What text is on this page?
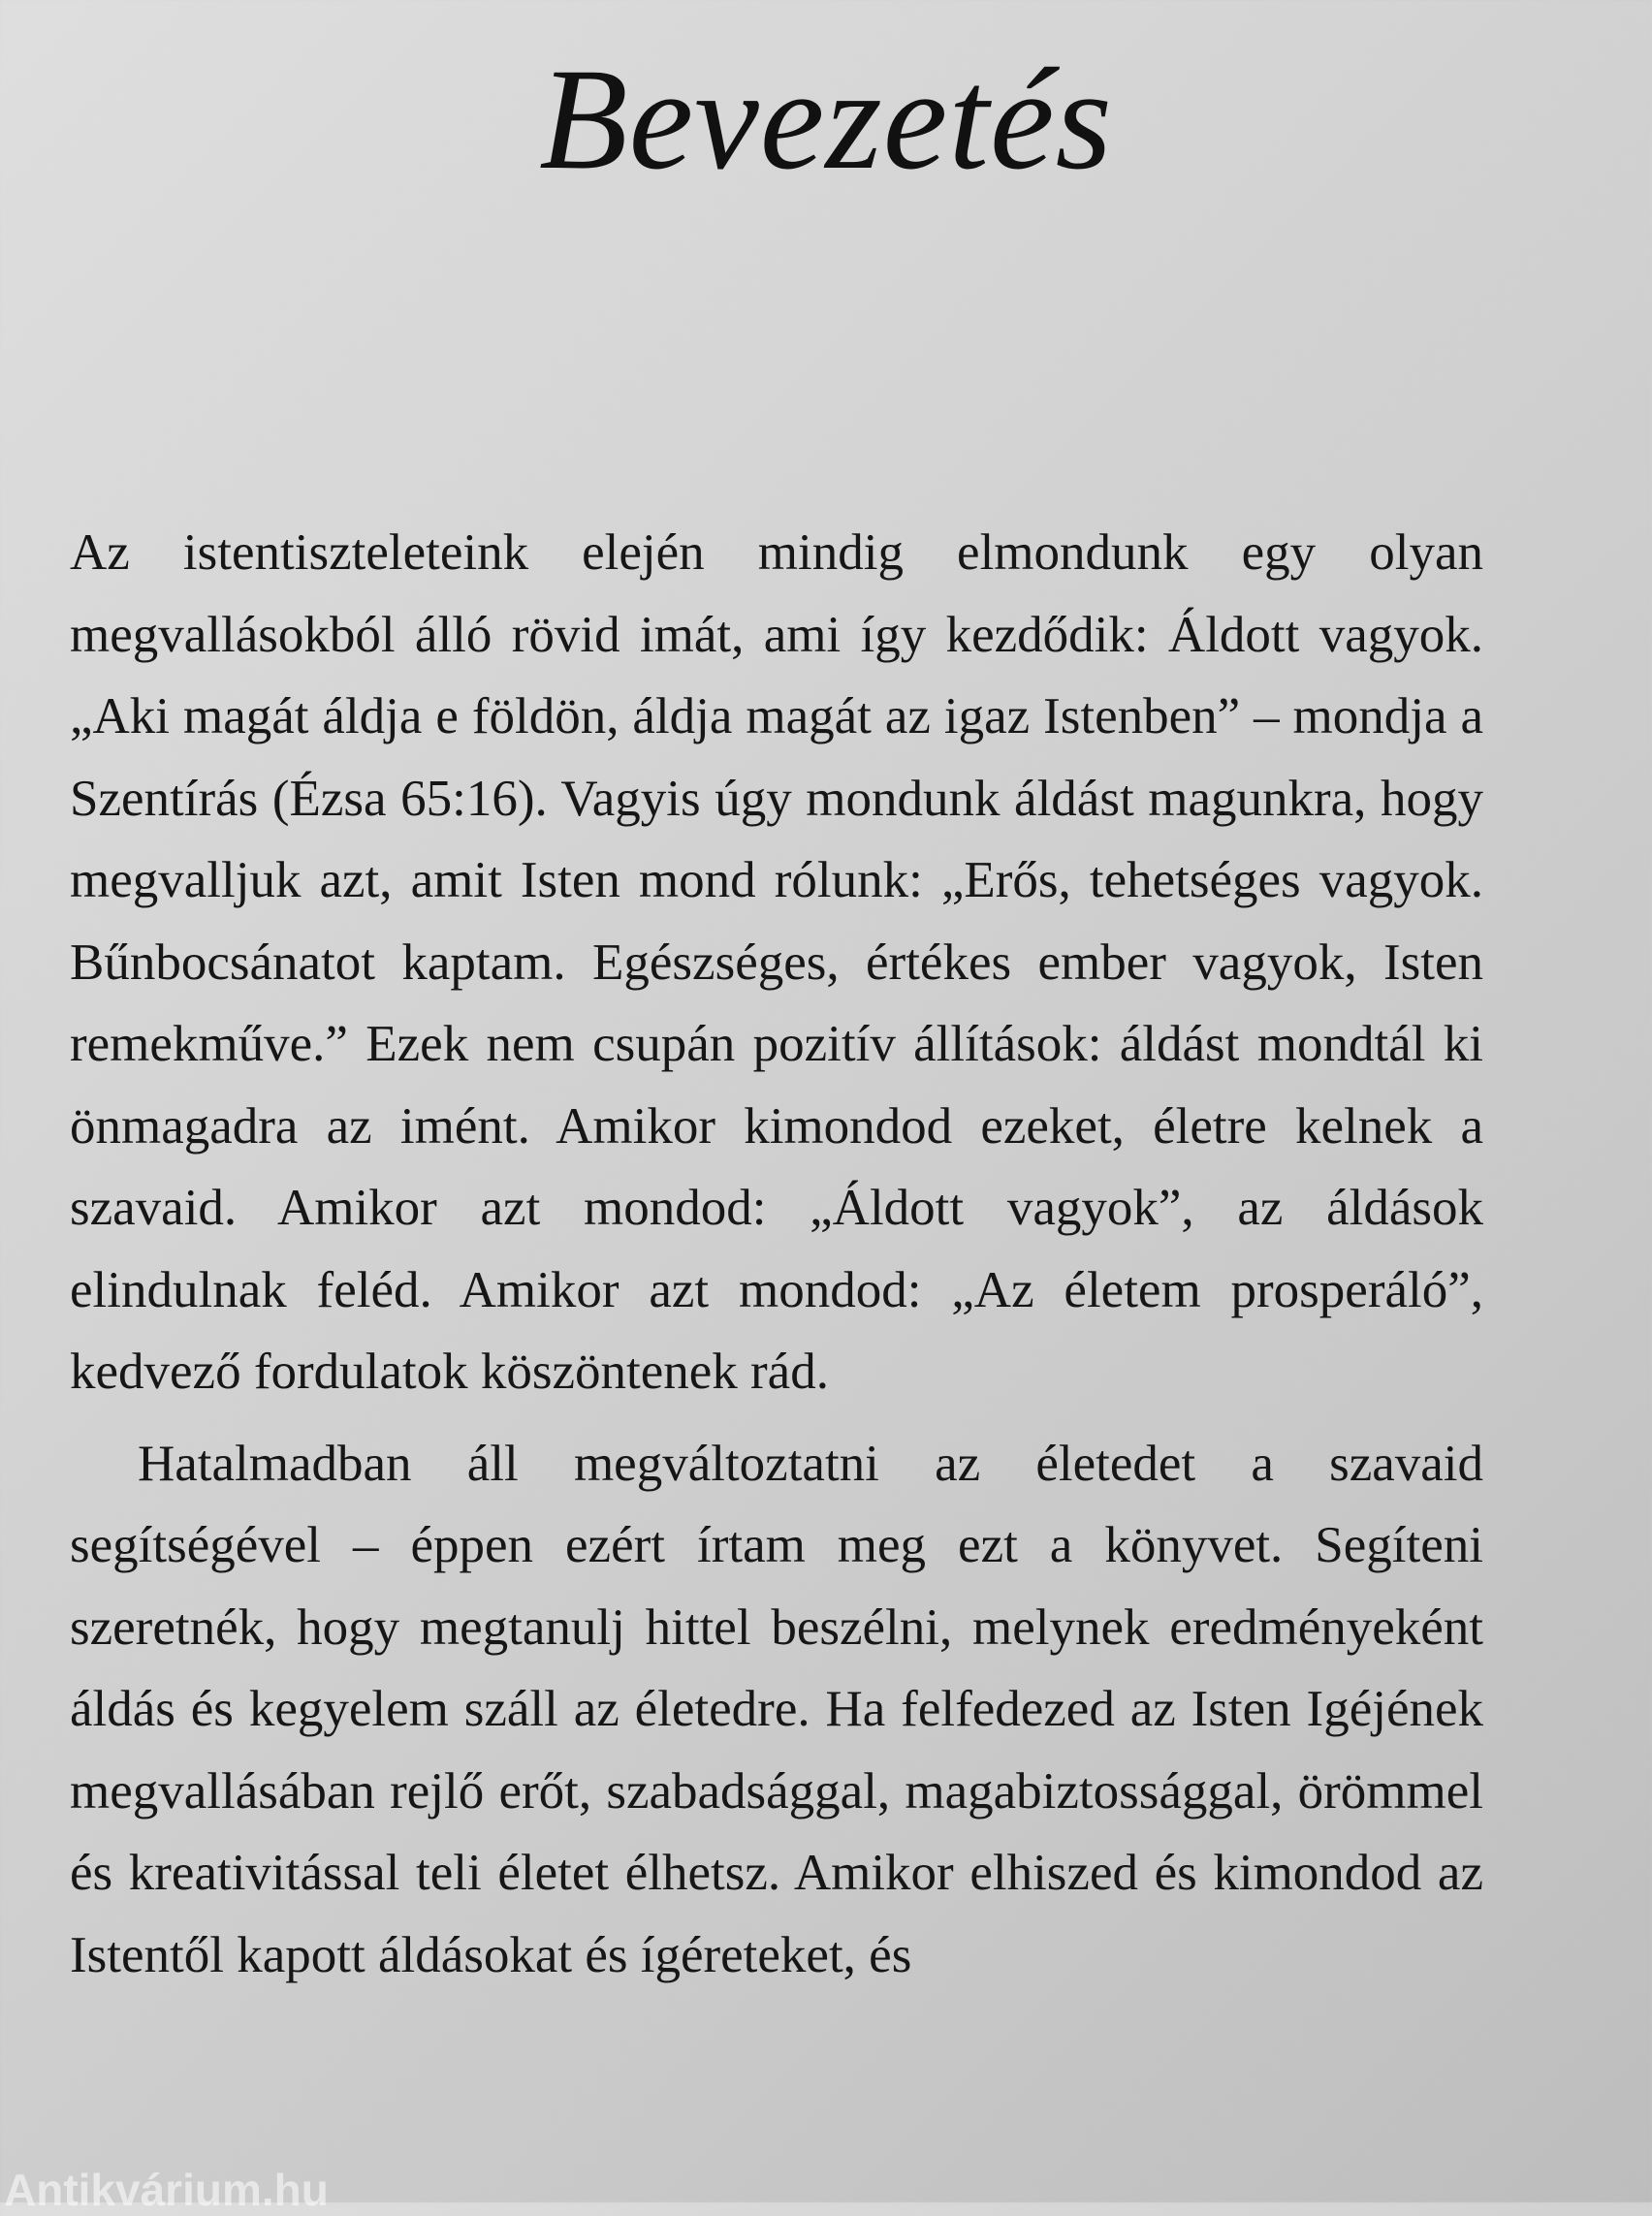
Bevezetés

Az istentiszteleteink elején mindig elmondunk egy olyan megvallásokból álló rövid imát, ami így kezdődik: Áldott vagyok. „Aki magát áldja e földön, áldja magát az igaz Istenben” – mondja a Szentírás (Ézsa 65:16). Vagyis úgy mondunk áldást magunkra, hogy megvalljuk azt, amit Isten mond rólunk: „Erős, tehetséges vagyok. Bűnbocsánatot kaptam. Egészséges, értékes ember vagyok, Isten remekműve.” Ezek nem csupán pozitív állítások: áldást mondtál ki önmagadra az imént. Amikor kimondod ezeket, életre kelnek a szavaid. Amikor azt mondod: „Áldott vagyok”, az áldások elindulnak feléd. Amikor azt mondod: „Az életem prosperáló”, kedvező fordulatok köszöntenek rád.

Hatalmadban áll megváltoztatni az életedet a szavaid segítségével – éppen ezért írtam meg ezt a könyvet. Segíteni szeretnék, hogy megtanulj hittel beszélni, melynek eredményeként áldás és kegyelem száll az életedre. Ha felfedezed az Isten Igéjének megvallásában rejlő erőt, szabadsággal, magabiztossággal, örömmel és kreativitással teli életet élhetsz. Amikor elhiszed és kimondod az Istentől kapott áldásokat és ígéreteket, és

Antikvárium.hu
